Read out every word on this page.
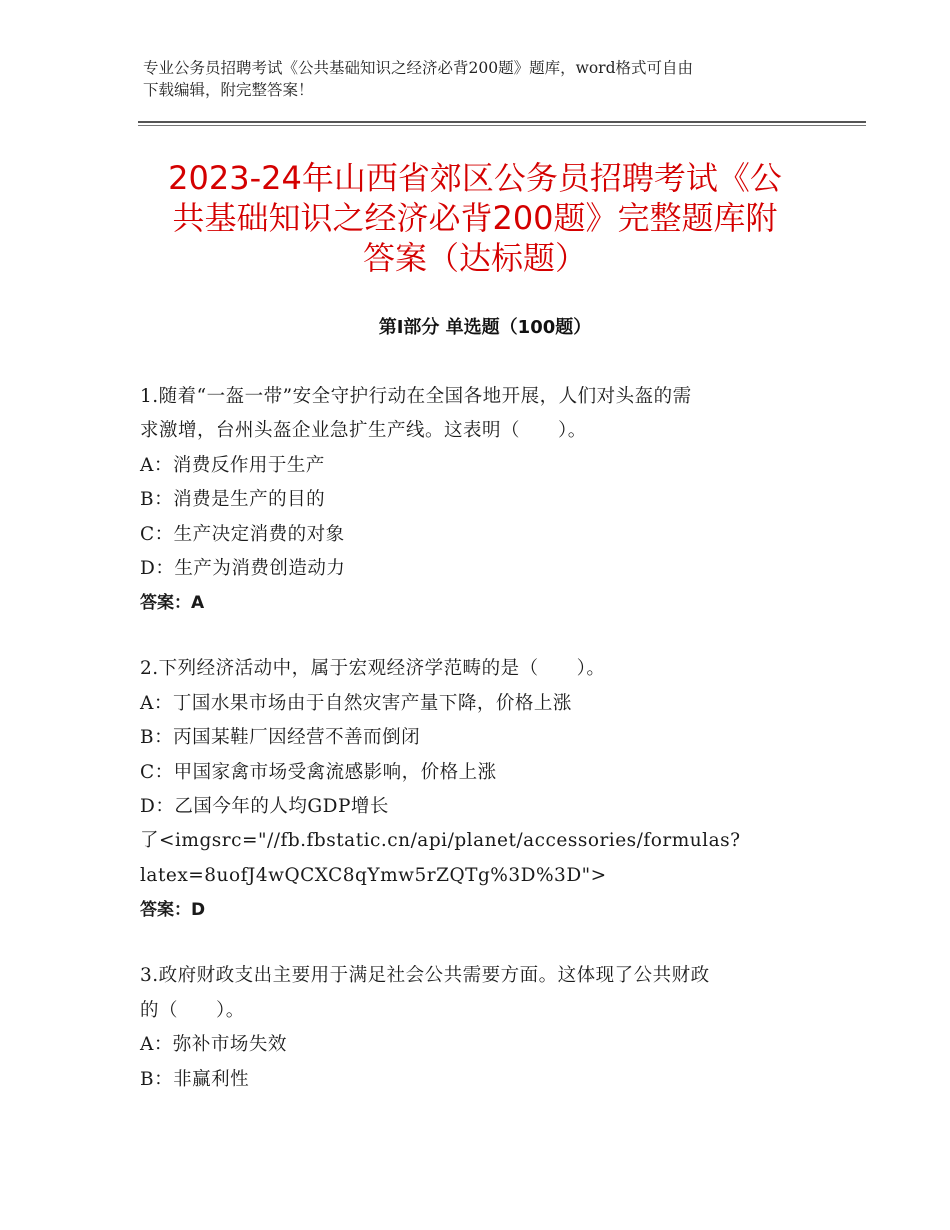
专业公务员招聘考试《公共基础知识之经济必背200题》题库，word格式可自由
下载编辑，附完整答案！
2023-24年山西省郊区公务员招聘考试《公
共基础知识之经济必背200题》完整题库附
答案（达标题）
第Ⅰ部分 单选题（100题）
1.随着“一盔一带”安全守护行动在全国各地开展，人们对头盔的需
求激增，台州头盔企业急扩生产线。这表明（　　）。
A：消费反作用于生产
B：消费是生产的目的
C：生产决定消费的对象
D：生产为消费创造动力
答案：A
2.下列经济活动中，属于宏观经济学范畴的是（　　）。
A：丁国水果市场由于自然灾害产量下降，价格上涨
B：丙国某鞋厂因经营不善而倒闭
C：甲国家禽市场受禽流感影响，价格上涨
D：乙国今年的人均GDP增长
了<imgsrc="//fb.fbstatic.cn/api/planet/accessories/formulas?
latex=8uofJ4wQCXC8qYmw5rZQTg%3D%3D">
答案：D
3.政府财政支出主要用于满足社会公共需要方面。这体现了公共财政
的（　　）。
A：弥补市场失效
B：非赢利性
